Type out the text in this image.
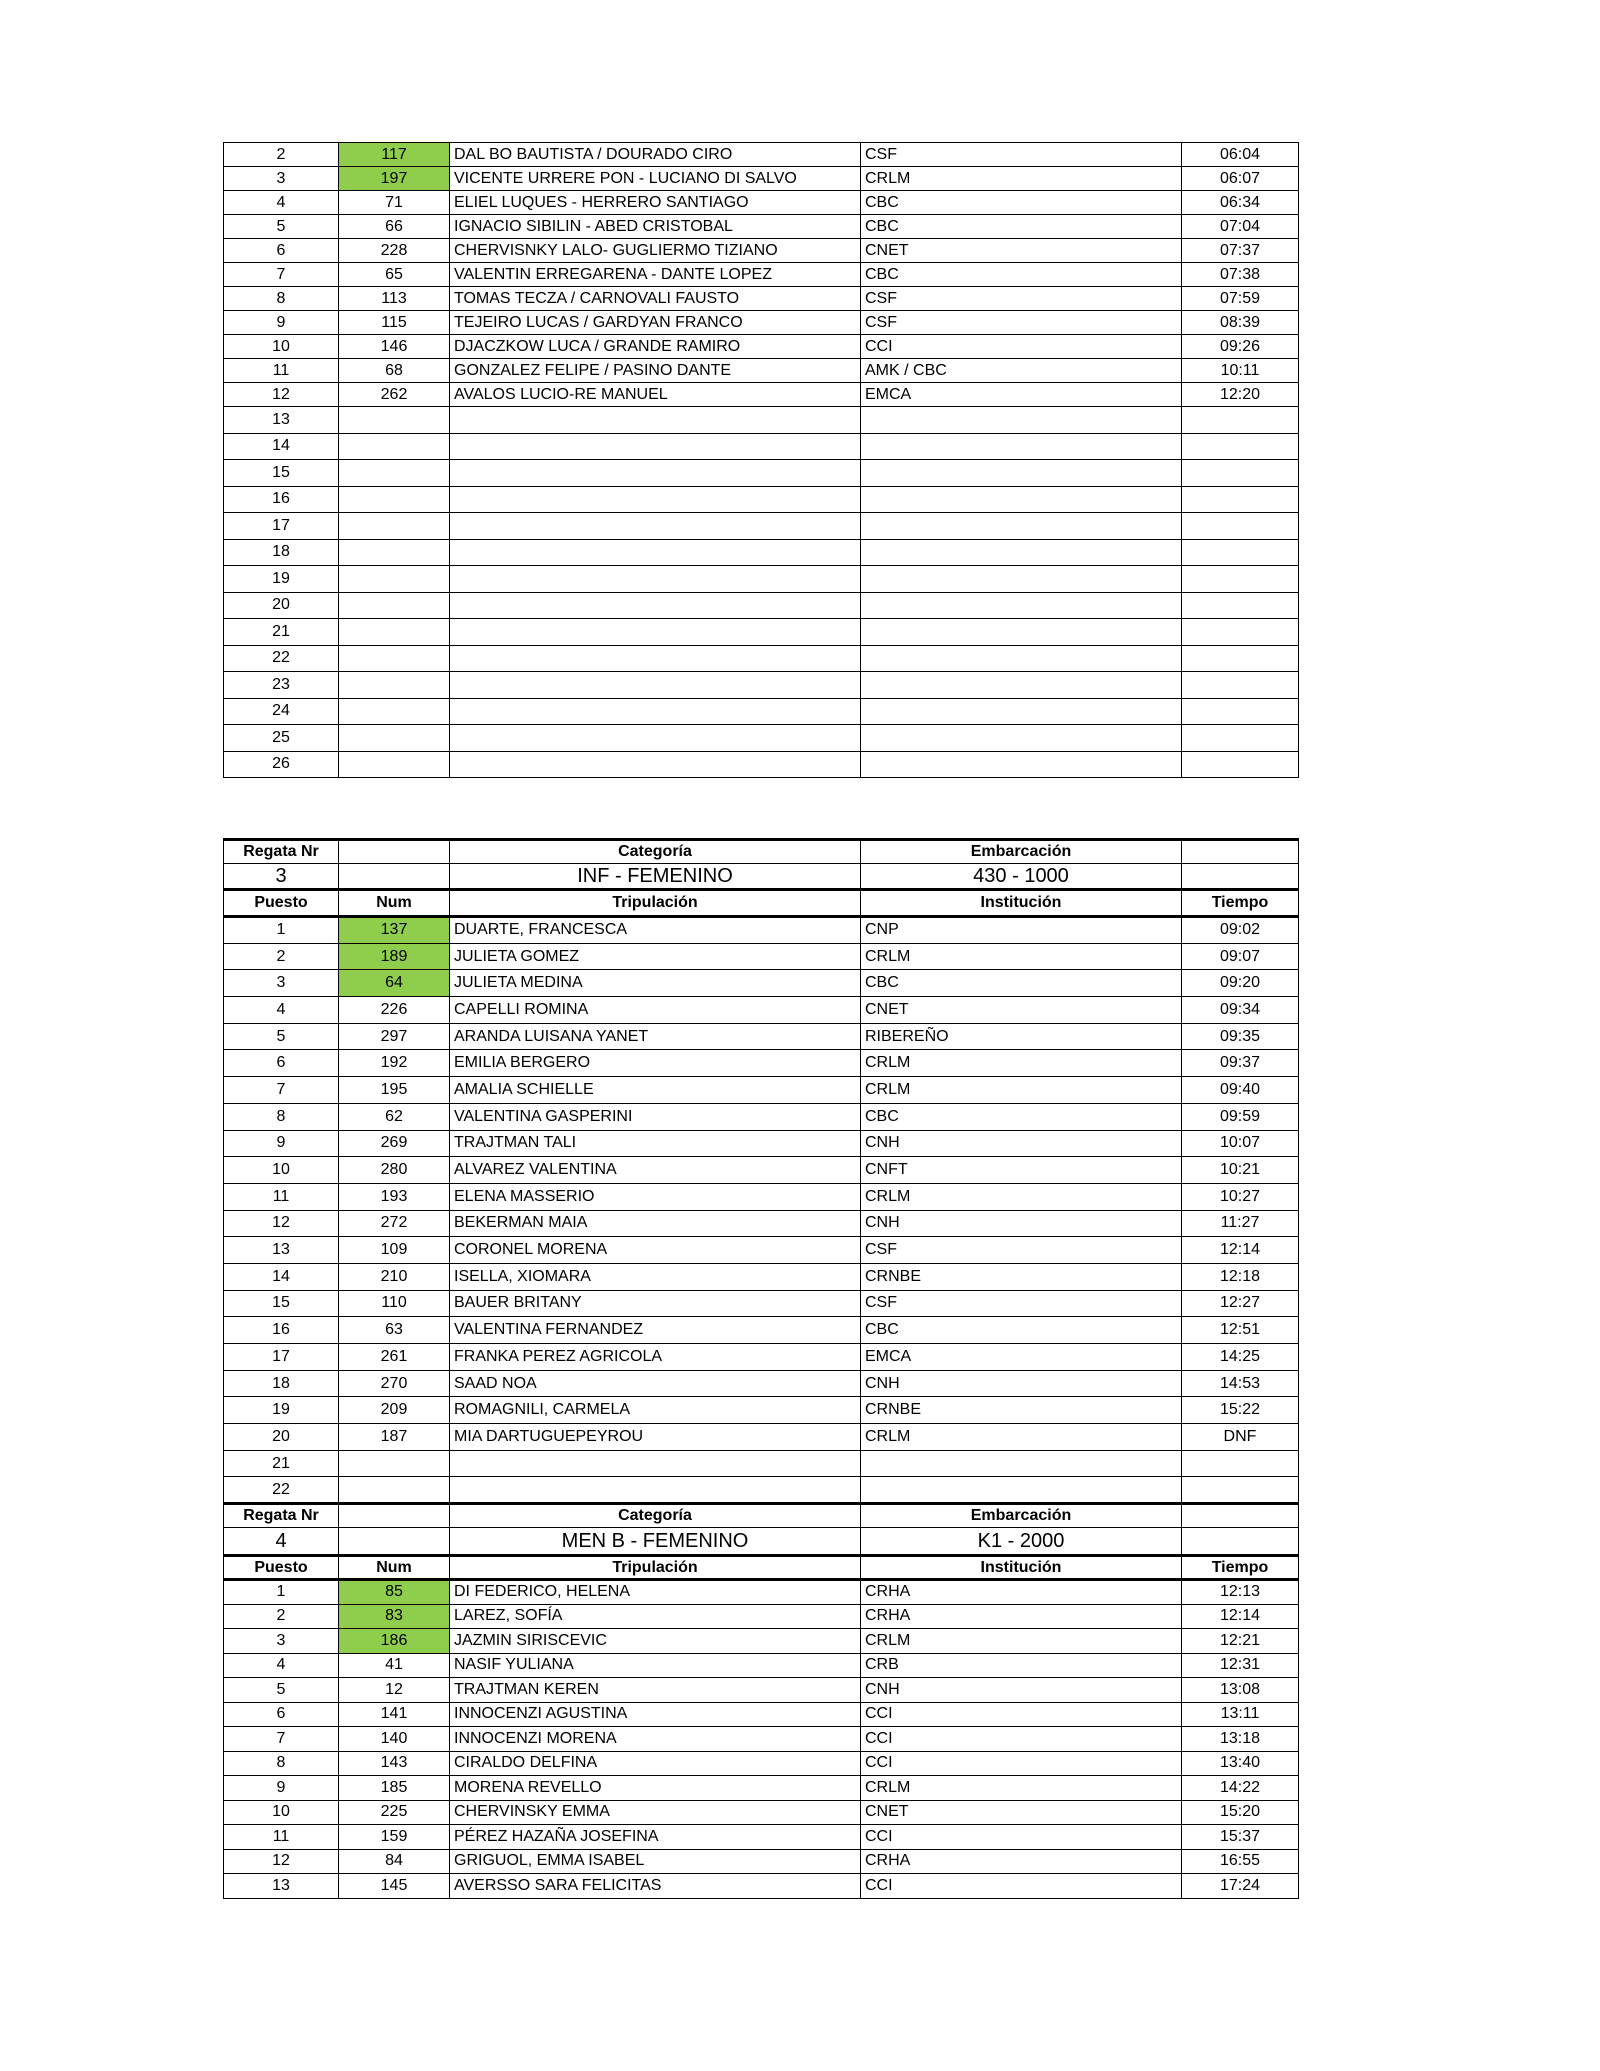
2	117	DAL BO BAUTISTA / DOURADO CIRO	CSF	06:04
3	197	VICENTE URRERE PON - LUCIANO DI SALVO	CRLM	06:07
4	71	ELIEL LUQUES - HERRERO SANTIAGO	CBC	06:34
5	66	IGNACIO SIBILIN - ABED CRISTOBAL	CBC	07:04
6	228	CHERVISNKY LALO- GUGLIERMO TIZIANO	CNET	07:37
7	65	VALENTIN ERREGARENA - DANTE LOPEZ	CBC	07:38
8	113	TOMAS TECZA / CARNOVALI FAUSTO	CSF	07:59
9	115	TEJEIRO LUCAS / GARDYAN FRANCO	CSF	08:39
10	146	DJACZKOW LUCA / GRANDE RAMIRO	CCI	09:26
11	68	GONZALEZ FELIPE / PASINO DANTE	AMK / CBC	10:11
12	262	AVALOS LUCIO-RE MANUEL	EMCA	12:20
13				
14				
15				
16				
17				
18				
19				
20				
21				
22				
23				
24				
25				
26				
Regata Nr		Categoría	Embarcación	
3		INF - FEMENINO	430 - 1000	
Puesto	Num	Tripulación	Institución	Tiempo
1	137	DUARTE, FRANCESCA	CNP	09:02
2	189	JULIETA GOMEZ	CRLM	09:07
3	64	JULIETA MEDINA	CBC	09:20
4	226	CAPELLI ROMINA	CNET	09:34
5	297	ARANDA LUISANA YANET	RIBEREÑO	09:35
6	192	EMILIA BERGERO	CRLM	09:37
7	195	AMALIA SCHIELLE	CRLM	09:40
8	62	VALENTINA GASPERINI	CBC	09:59
9	269	TRAJTMAN TALI	CNH	10:07
10	280	ALVAREZ VALENTINA	CNFT	10:21
11	193	ELENA MASSERIO	CRLM	10:27
12	272	BEKERMAN MAIA	CNH	11:27
13	109	CORONEL MORENA	CSF	12:14
14	210	ISELLA, XIOMARA	CRNBE	12:18
15	110	BAUER BRITANY	CSF	12:27
16	63	VALENTINA FERNANDEZ	CBC	12:51
17	261	FRANKA PEREZ AGRICOLA	EMCA	14:25
18	270	SAAD NOA	CNH	14:53
19	209	ROMAGNILI, CARMELA	CRNBE	15:22
20	187	MIA DARTUGUEPEYROU	CRLM	DNF
21				
22				
Regata Nr		Categoría	Embarcación	
4		MEN B - FEMENINO	K1 - 2000	
Puesto	Num	Tripulación	Institución	Tiempo
1	85	DI FEDERICO, HELENA	CRHA	12:13
2	83	LAREZ, SOFÍA	CRHA	12:14
3	186	JAZMIN SIRISCEVIC	CRLM	12:21
4	41	NASIF YULIANA	CRB	12:31
5	12	TRAJTMAN KEREN	CNH	13:08
6	141	INNOCENZI AGUSTINA	CCI	13:11
7	140	INNOCENZI MORENA	CCI	13:18
8	143	CIRALDO DELFINA	CCI	13:40
9	185	MORENA REVELLO	CRLM	14:22
10	225	CHERVINSKY EMMA	CNET	15:20
11	159	PÉREZ HAZAÑA JOSEFINA	CCI	15:37
12	84	GRIGUOL, EMMA ISABEL	CRHA	16:55
13	145	AVERSSO SARA FELICITAS	CCI	17:24
